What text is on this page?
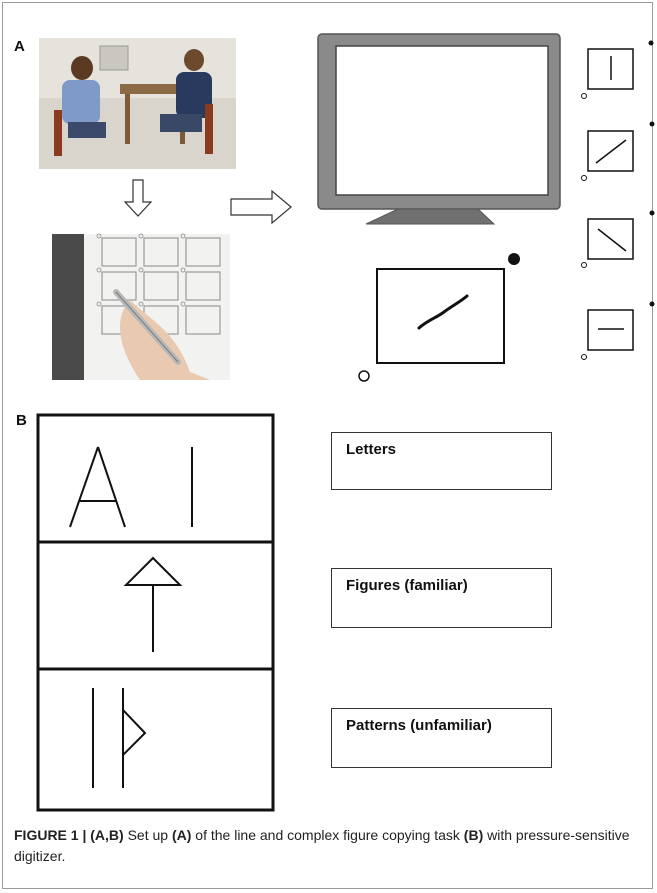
A
B
Letters
Figures (familiar)
Patterns (unfamiliar)
FIGURE 1 | (A,B) Set up (A) of the line and complex figure copying task (B) with pressure-sensitive digitizer.
